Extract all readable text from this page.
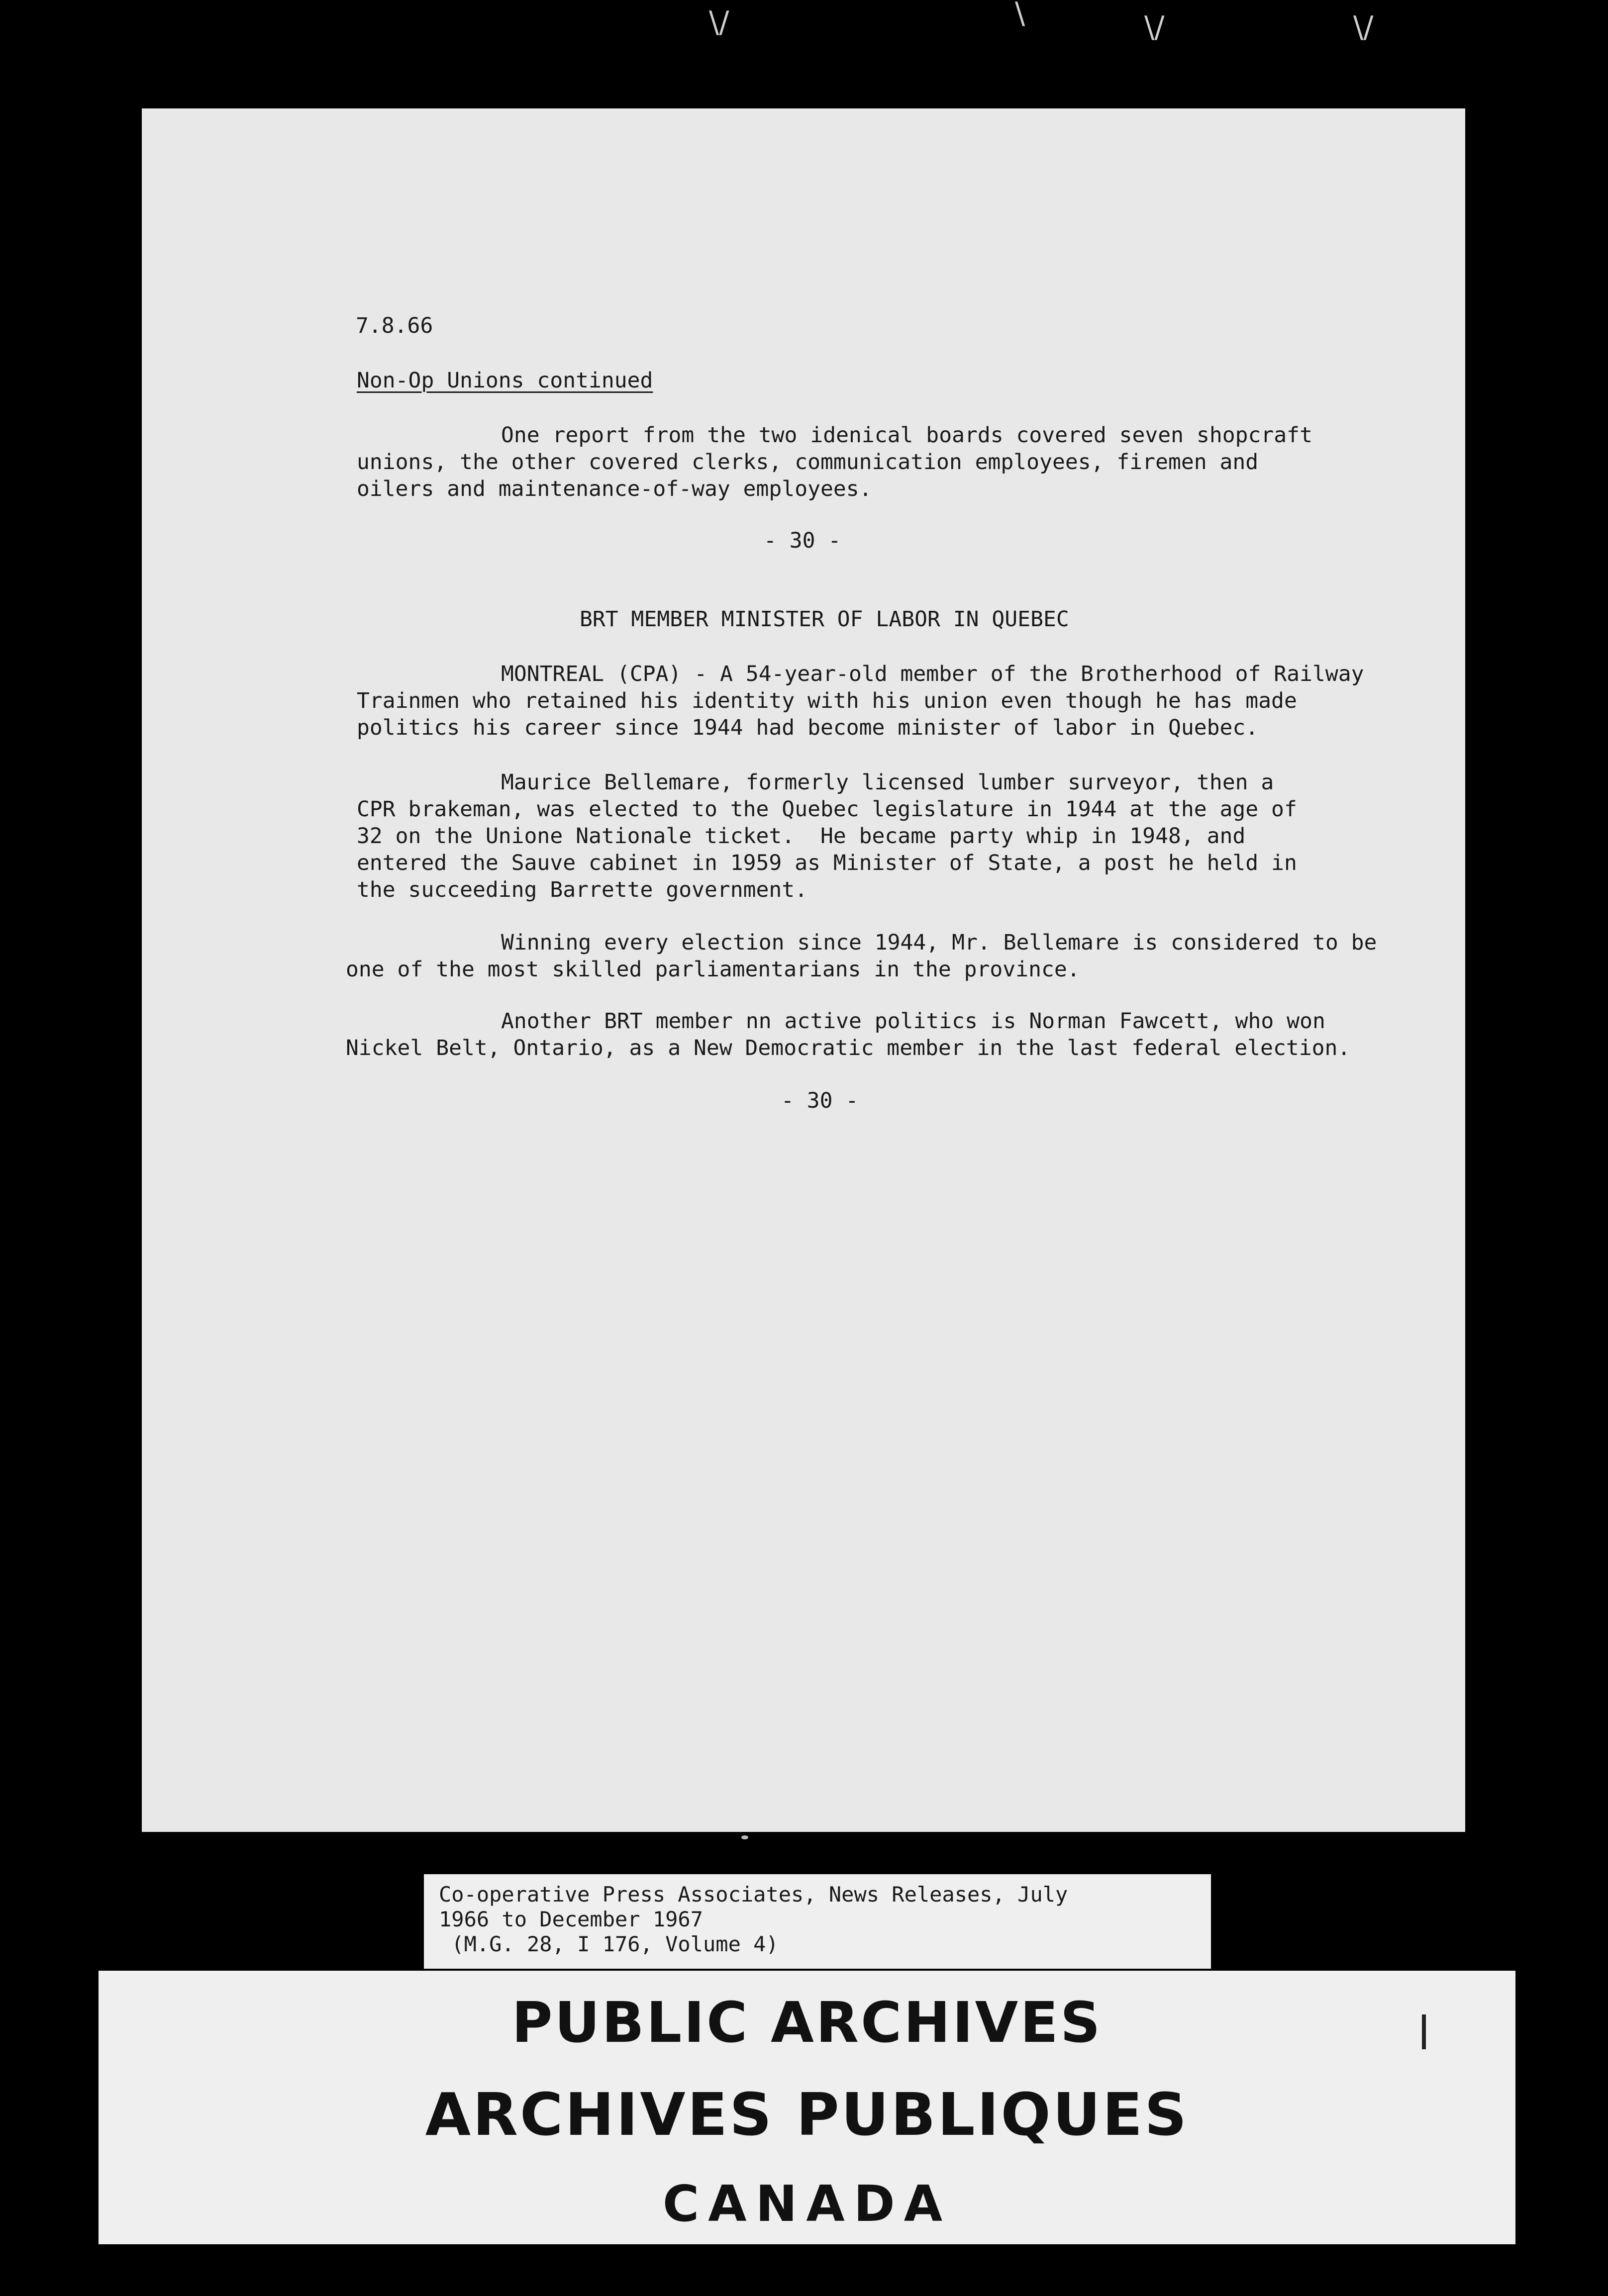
\/	\	\/	\/
7.8.66
Non-Op Unions continued
One report from the two idenical boards covered seven shopcraft
unions, the other covered clerks, communication employees, firemen and
oilers and maintenance-of-way employees.
- 30 -
BRT MEMBER MINISTER OF LABOR IN QUEBEC
MONTREAL (CPA) - A 54-year-old member of the Brotherhood of Railway
Trainmen who retained his identity with his union even though he has made
politics his career since 1944 had become minister of labor in Quebec.
Maurice Bellemare, formerly licensed lumber surveyor, then a
CPR brakeman, was elected to the Quebec legislature in 1944 at the age of
32 on the Unione Nationale ticket.  He became party whip in 1948, and
entered the Sauve cabinet in 1959 as Minister of State, a post he held in
the succeeding Barrette government.
Winning every election since 1944, Mr. Bellemare is considered to be
one of the most skilled parliamentarians in the province.
Another BRT member nn active politics is Norman Fawcett, who won
Nickel Belt, Ontario, as a New Democratic member in the last federal election.
- 30 -
Co-operative Press Associates, News Releases, July
1966 to December 1967
(M.G. 28, I 176, Volume 4)
PUBLIC ARCHIVES
ARCHIVES PUBLIQUES
CANADA
